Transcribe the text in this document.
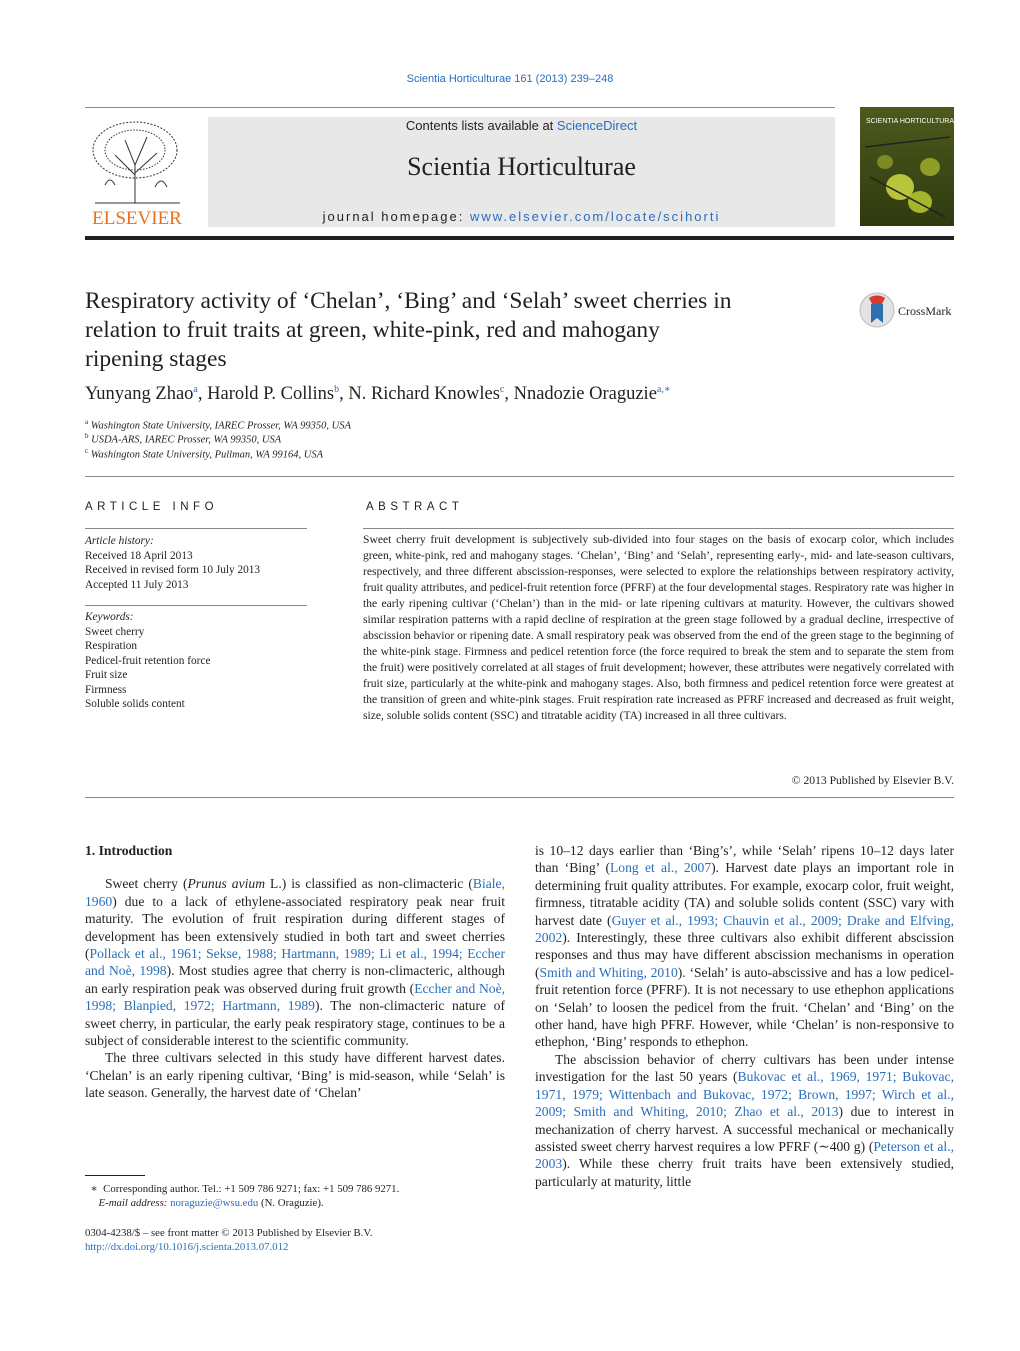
Scientia Horticulturae 161 (2013) 239–248
ELSEVIER
Contents lists available at ScienceDirect
Scientia Horticulturae
journal homepage: www.elsevier.com/locate/scihorti
SCIENTIA HORTICULTURAE
Respiratory activity of ‘Chelan’, ‘Bing’ and ‘Selah’ sweet cherries in
relation to fruit traits at green, white-pink, red and mahogany
ripening stages
CrossMark
Yunyang Zhao$^a$, Harold P. Collins$^b$, N. Richard Knowles$^c$, Nnadozie Oraguzie$^{a,∗}$
$^a$ Washington State University, IAREC Prosser, WA 99350, USA
$^b$ USDA-ARS, IAREC Prosser, WA 99350, USA
$^c$ Washington State University, Pullman, WA 99164, USA
ARTICLE INFO
Article history:
Received 18 April 2013
Received in revised form 10 July 2013
Accepted 11 July 2013
Keywords:
Sweet cherry
Respiration
Pedicel-fruit retention force
Fruit size
Firmness
Soluble solids content
ABSTRACT

Sweet cherry fruit development is subjectively sub-divided into four stages on the basis of exocarp color, which includes green, white-pink, red and mahogany stages. ‘Chelan’, ‘Bing’ and ‘Selah’, representing early-, mid- and late-season cultivars, respectively, and three different abscission-responses, were selected to explore the relationships between respiratory activity, fruit quality attributes, and pedicel-fruit retention force (PFRF) at the four developmental stages. Respiratory rate was higher in the early ripening cultivar (‘Chelan’) than in the mid- or late ripening cultivars at maturity. However, the cultivars showed similar respiration patterns with a rapid decline of respiration at the green stage followed by a gradual decline, irrespective of abscission behavior or ripening date. A small respiratory peak was observed from the end of the green stage to the beginning of the white-pink stage. Firmness and pedicel retention force (the force required to break the stem and to separate the stem from the fruit) were positively correlated at all stages of fruit development; however, these attributes were negatively correlated with fruit size, particularly at the white-pink and mahogany stages. Also, both firmness and pedicel retention force were greatest at the transition of green and white-pink stages. Fruit respiration rate increased as PFRF increased and decreased as fruit weight, size, soluble solids content (SSC) and titratable acidity (TA) increased in all three cultivars.

© 2013 Published by Elsevier B.V.
1. Introduction

Sweet cherry (Prunus avium L.) is classified as non-climacteric (Biale, 1960) due to a lack of ethylene-associated respiratory peak near fruit maturity. The evolution of fruit respiration during different stages of development has been extensively studied in both tart and sweet cherries (Pollack et al., 1961; Sekse, 1988; Hartmann, 1989; Li et al., 1994; Eccher and Noè, 1998). Most studies agree that cherry is non-climacteric, although an early respiration peak was observed during fruit growth (Eccher and Noè, 1998; Blanpied, 1972; Hartmann, 1989). The non-climacteric nature of sweet cherry, in particular, the early peak respiratory stage, continues to be a subject of considerable interest to the scientific community.

The three cultivars selected in this study have different harvest dates. ‘Chelan’ is an early ripening cultivar, ‘Bing’ is mid-season, while ‘Selah’ is late season. Generally, the harvest date of ‘Chelan’

is 10–12 days earlier than ‘Bing’s’, while ‘Selah’ ripens 10–12 days later than ‘Bing’ (Long et al., 2007). Harvest date plays an important role in determining fruit quality attributes. For example, exocarp color, fruit weight, firmness, titratable acidity (TA) and soluble solids content (SSC) vary with harvest date (Guyer et al., 1993; Chauvin et al., 2009; Drake and Elfving, 2002). Interestingly, these three cultivars also exhibit different abscission responses and thus may have different abscission mechanisms in operation (Smith and Whiting, 2010). ‘Selah’ is auto-abscissive and has a low pedicel-fruit retention force (PFRF). It is not necessary to use ethephon applications on ‘Selah’ to loosen the pedicel from the fruit. ‘Chelan’ and ‘Bing’ on the other hand, have high PFRF. However, while ‘Chelan’ is non-responsive to ethephon, ‘Bing’ responds to ethephon.

The abscission behavior of cherry cultivars has been under intense investigation for the last 50 years (Bukovac et al., 1969, 1971; Bukovac, 1971, 1979; Wittenbach and Bukovac, 1972; Brown, 1997; Wirch et al., 2009; Smith and Whiting, 2010; Zhao et al., 2013) due to interest in mechanization of cherry harvest. A successful mechanical or mechanically assisted sweet cherry harvest requires a low PFRF (∼400 g) (Peterson et al., 2003). While these cherry fruit traits have been extensively studied, particularly at maturity, little

∗ Corresponding author. Tel.: +1 509 786 9271; fax: +1 509 786 9271.
E-mail address: noraguzie@wsu.edu (N. Oraguzie).
0304-4238/$ – see front matter © 2013 Published by Elsevier B.V.
http://dx.doi.org/10.1016/j.scienta.2013.07.012
